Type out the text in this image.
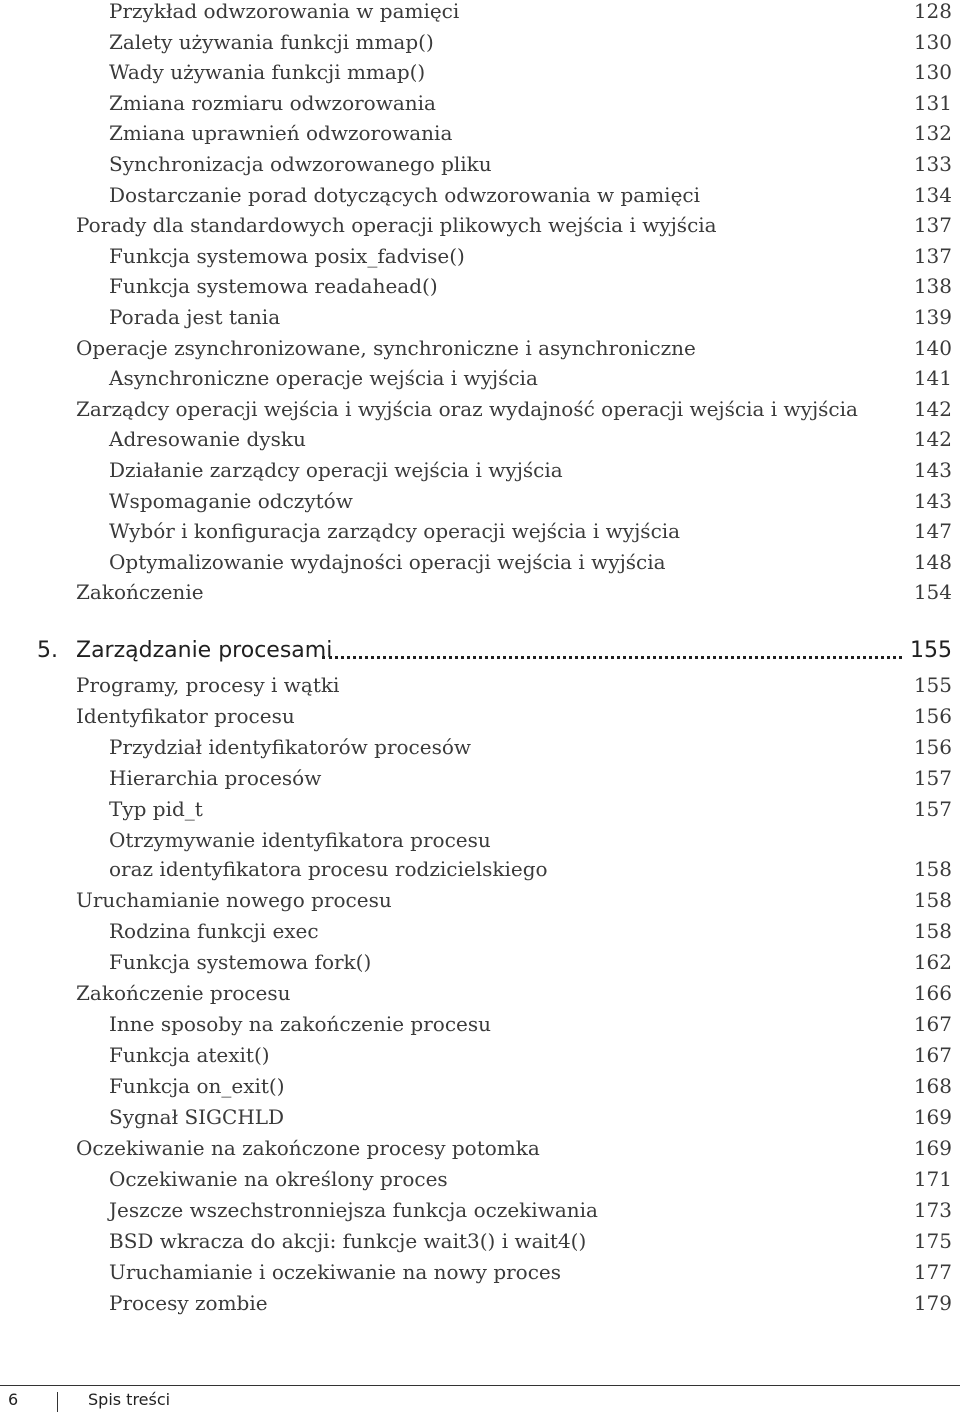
Przykład odwzorowania w pamięci	128
Zalety używania funkcji mmap()	130
Wady używania funkcji mmap()	130
Zmiana rozmiaru odwzorowania	131
Zmiana uprawnień odwzorowania	132
Synchronizacja odwzorowanego pliku	133
Dostarczanie porad dotyczących odwzorowania w pamięci	134
Porady dla standardowych operacji plikowych wejścia i wyjścia	137
Funkcja systemowa posix_fadvise()	137
Funkcja systemowa readahead()	138
Porada jest tania	139
Operacje zsynchronizowane, synchroniczne i asynchroniczne	140
Asynchroniczne operacje wejścia i wyjścia	141
Zarządcy operacji wejścia i wyjścia oraz wydajność operacji wejścia i wyjścia	142
Adresowanie dysku	142
Działanie zarządcy operacji wejścia i wyjścia	143
Wspomaganie odczytów	143
Wybór i konfiguracja zarządcy operacji wejścia i wyjścia	147
Optymalizowanie wydajności operacji wejścia i wyjścia	148
Zakończenie	154
5. Zarządzanie procesami	155
Programy, procesy i wątki	155
Identyfikator procesu	156
Przydział identyfikatorów procesów	156
Hierarchia procesów	157
Typ pid_t	157
Otrzymywanie identyfikatora procesu
oraz identyfikatora procesu rodzicielskiego	158
Uruchamianie nowego procesu	158
Rodzina funkcji exec	158
Funkcja systemowa fork()	162
Zakończenie procesu	166
Inne sposoby na zakończenie procesu	167
Funkcja atexit()	167
Funkcja on_exit()	168
Sygnał SIGCHLD	169
Oczekiwanie na zakończone procesy potomka	169
Oczekiwanie na określony proces	171
Jeszcze wszechstronniejsza funkcja oczekiwania	173
BSD wkracza do akcji: funkcje wait3() i wait4()	175
Uruchamianie i oczekiwanie na nowy proces	177
Procesy zombie	179
6	Spis treści
